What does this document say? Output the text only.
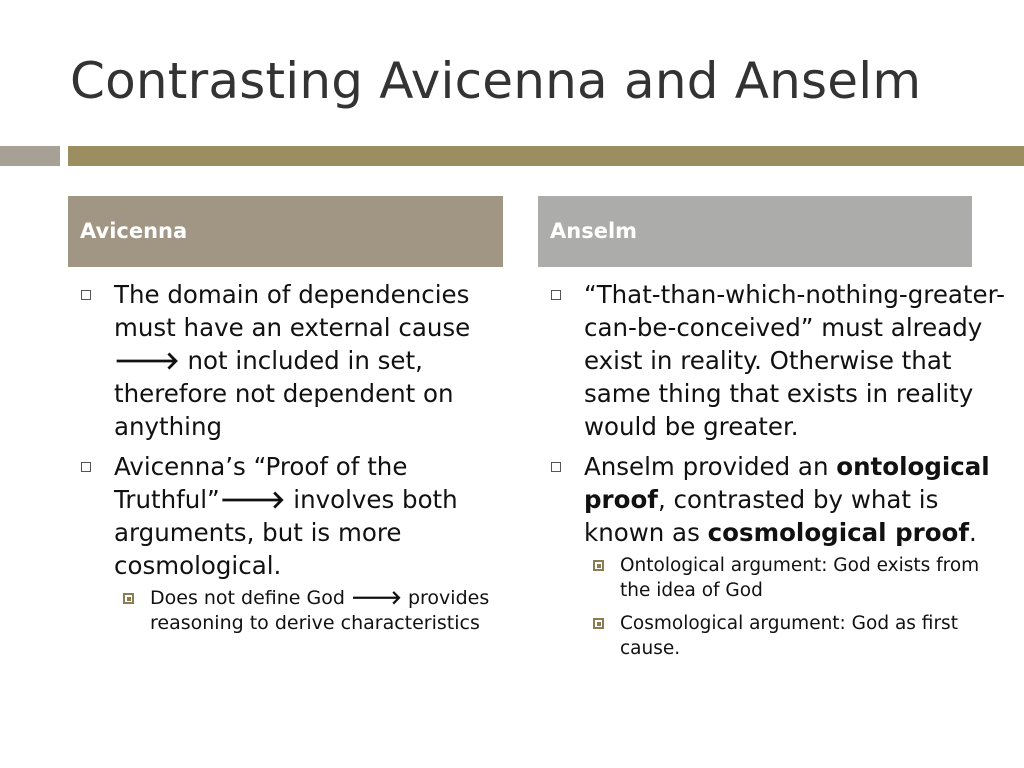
Contrasting Avicenna and Anselm
Avicenna
The domain of dependencies must have an external cause 🡒 not included in set, therefore not dependent on anything
Avicenna’s “Proof of the Truthful”🡒 involves both arguments, but is more cosmological.
Does not define God 🡒 provides reasoning to derive characteristics
Anselm
“That-than-which-nothing-greater-can-be-conceived” must already exist in reality. Otherwise that same thing that exists in reality would be greater.
Anselm provided an ontological proof, contrasted by what is known as cosmological proof.
Ontological argument: God exists from the idea of God
Cosmological argument: God as first cause.
